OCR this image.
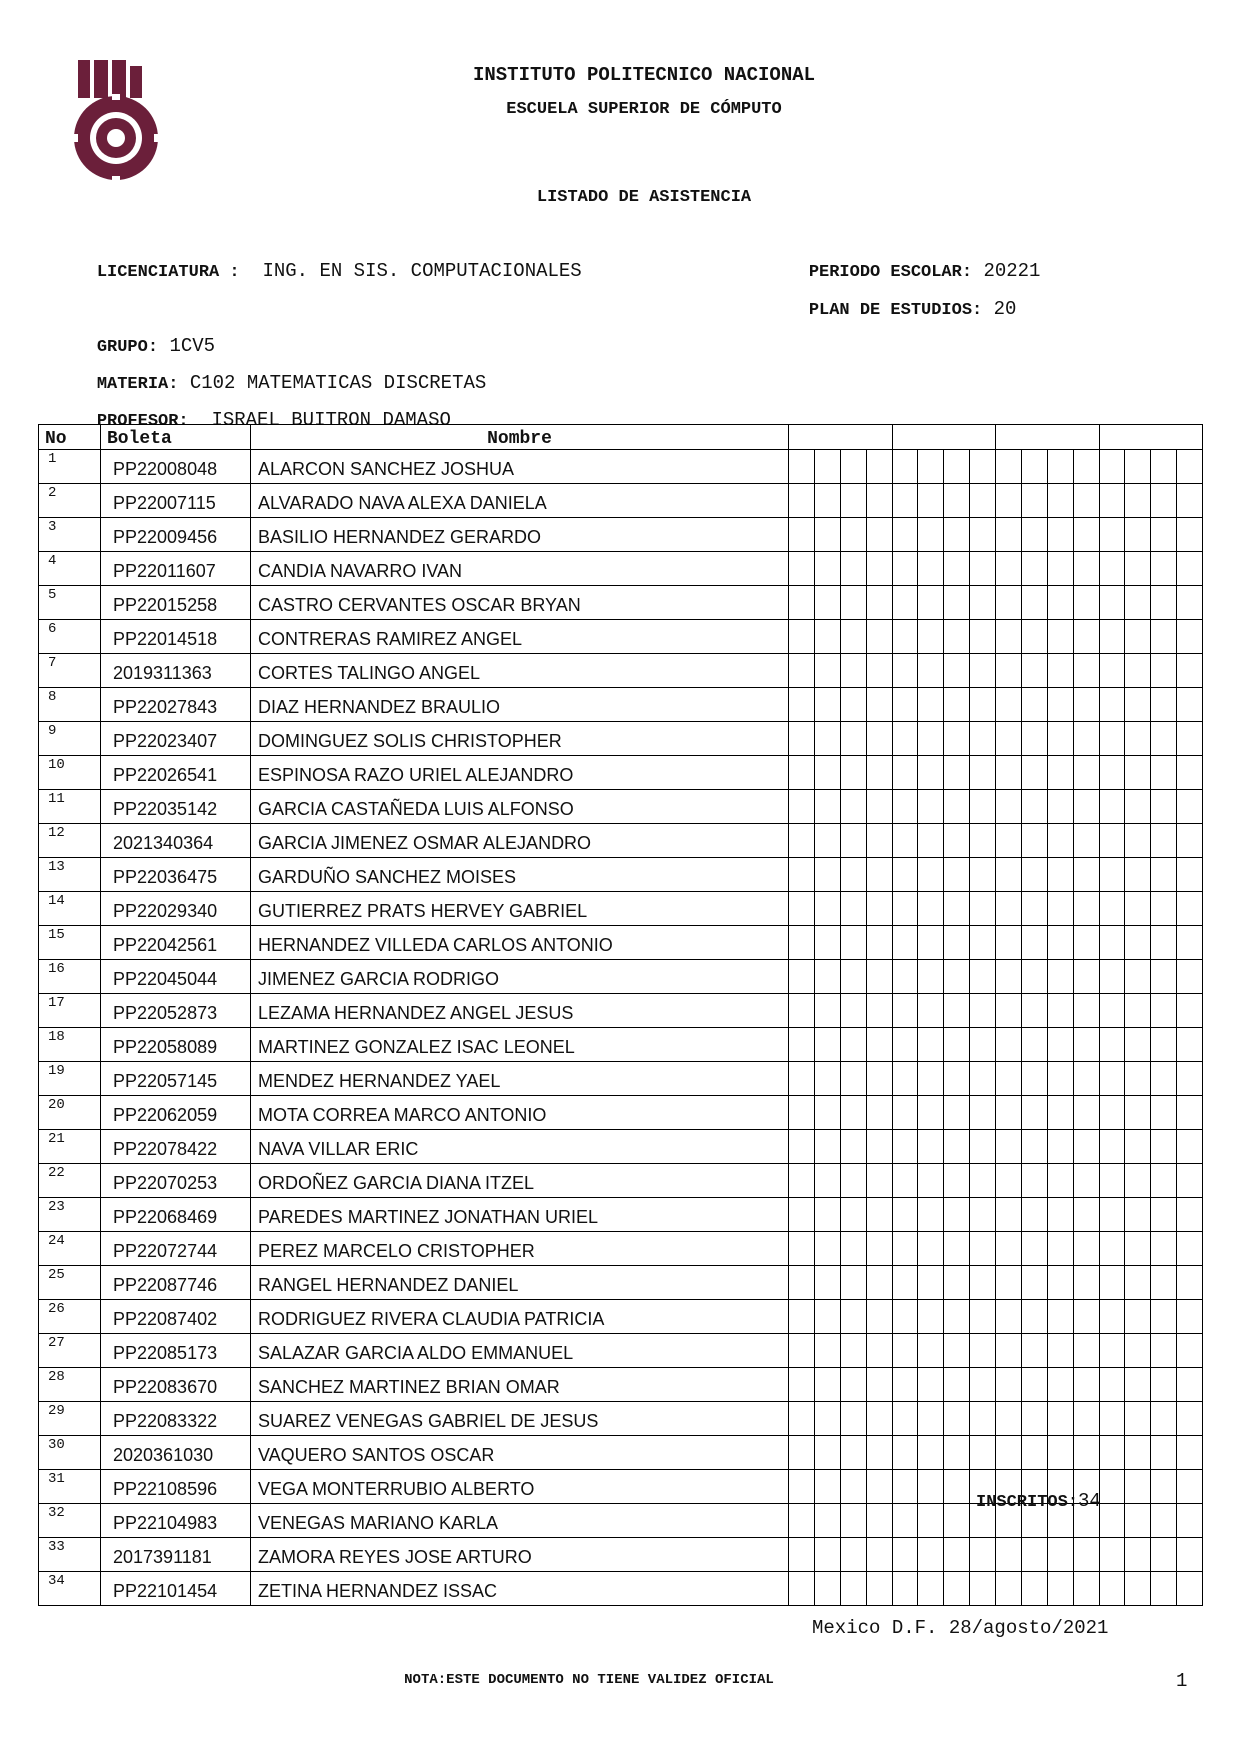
INSTITUTO POLITECNICO NACIONAL
ESCUELA SUPERIOR DE CÓMPUTO
LISTADO DE ASISTENCIA

LICENCIATURA : ING. EN SIS. COMPUTACIONALES	PERIODO ESCOLAR: 20221

PLAN DE ESTUDIOS: 20

GRUPO: 1CV5

MATERIA: C102 MATEMATICAS DISCRETAS

PROFESOR: ISRAEL BUITRON DAMASO

No	Boleta	Nombre																
1	PP22008048	ALARCON SANCHEZ JOSHUA																
2	PP22007115	ALVARADO NAVA ALEXA DANIELA																
3	PP22009456	BASILIO HERNANDEZ GERARDO																
4	PP22011607	CANDIA NAVARRO IVAN																
5	PP22015258	CASTRO CERVANTES OSCAR BRYAN																
6	PP22014518	CONTRERAS RAMIREZ ANGEL																
7	2019311363	CORTES TALINGO ANGEL																
8	PP22027843	DIAZ HERNANDEZ BRAULIO																
9	PP22023407	DOMINGUEZ SOLIS CHRISTOPHER																
10	PP22026541	ESPINOSA RAZO URIEL ALEJANDRO																
11	PP22035142	GARCIA CASTAÑEDA LUIS ALFONSO																
12	2021340364	GARCIA JIMENEZ OSMAR ALEJANDRO																
13	PP22036475	GARDUÑO SANCHEZ MOISES																
14	PP22029340	GUTIERREZ PRATS HERVEY GABRIEL																
15	PP22042561	HERNANDEZ VILLEDA CARLOS ANTONIO																
16	PP22045044	JIMENEZ GARCIA RODRIGO																
17	PP22052873	LEZAMA HERNANDEZ ANGEL JESUS																
18	PP22058089	MARTINEZ GONZALEZ ISAC LEONEL																
19	PP22057145	MENDEZ HERNANDEZ YAEL																
20	PP22062059	MOTA CORREA MARCO ANTONIO																
21	PP22078422	NAVA VILLAR ERIC																
22	PP22070253	ORDOÑEZ GARCIA DIANA ITZEL																
23	PP22068469	PAREDES MARTINEZ JONATHAN URIEL																
24	PP22072744	PEREZ MARCELO CRISTOPHER																
25	PP22087746	RANGEL HERNANDEZ DANIEL																
26	PP22087402	RODRIGUEZ RIVERA CLAUDIA PATRICIA																
27	PP22085173	SALAZAR GARCIA ALDO EMMANUEL																
28	PP22083670	SANCHEZ MARTINEZ BRIAN OMAR																
29	PP22083322	SUAREZ VENEGAS GABRIEL DE JESUS																
30	2020361030	VAQUERO SANTOS OSCAR																
31	PP22108596	VEGA MONTERRUBIO ALBERTO																
32	PP22104983	VENEGAS MARIANO KARLA																
33	2017391181	ZAMORA REYES JOSE ARTURO																
34	PP22101454	ZETINA HERNANDEZ ISSAC																
INSCRITOS:34
Mexico D.F. 28/agosto/2021
NOTA:ESTE DOCUMENTO NO TIENE VALIDEZ OFICIAL	1
